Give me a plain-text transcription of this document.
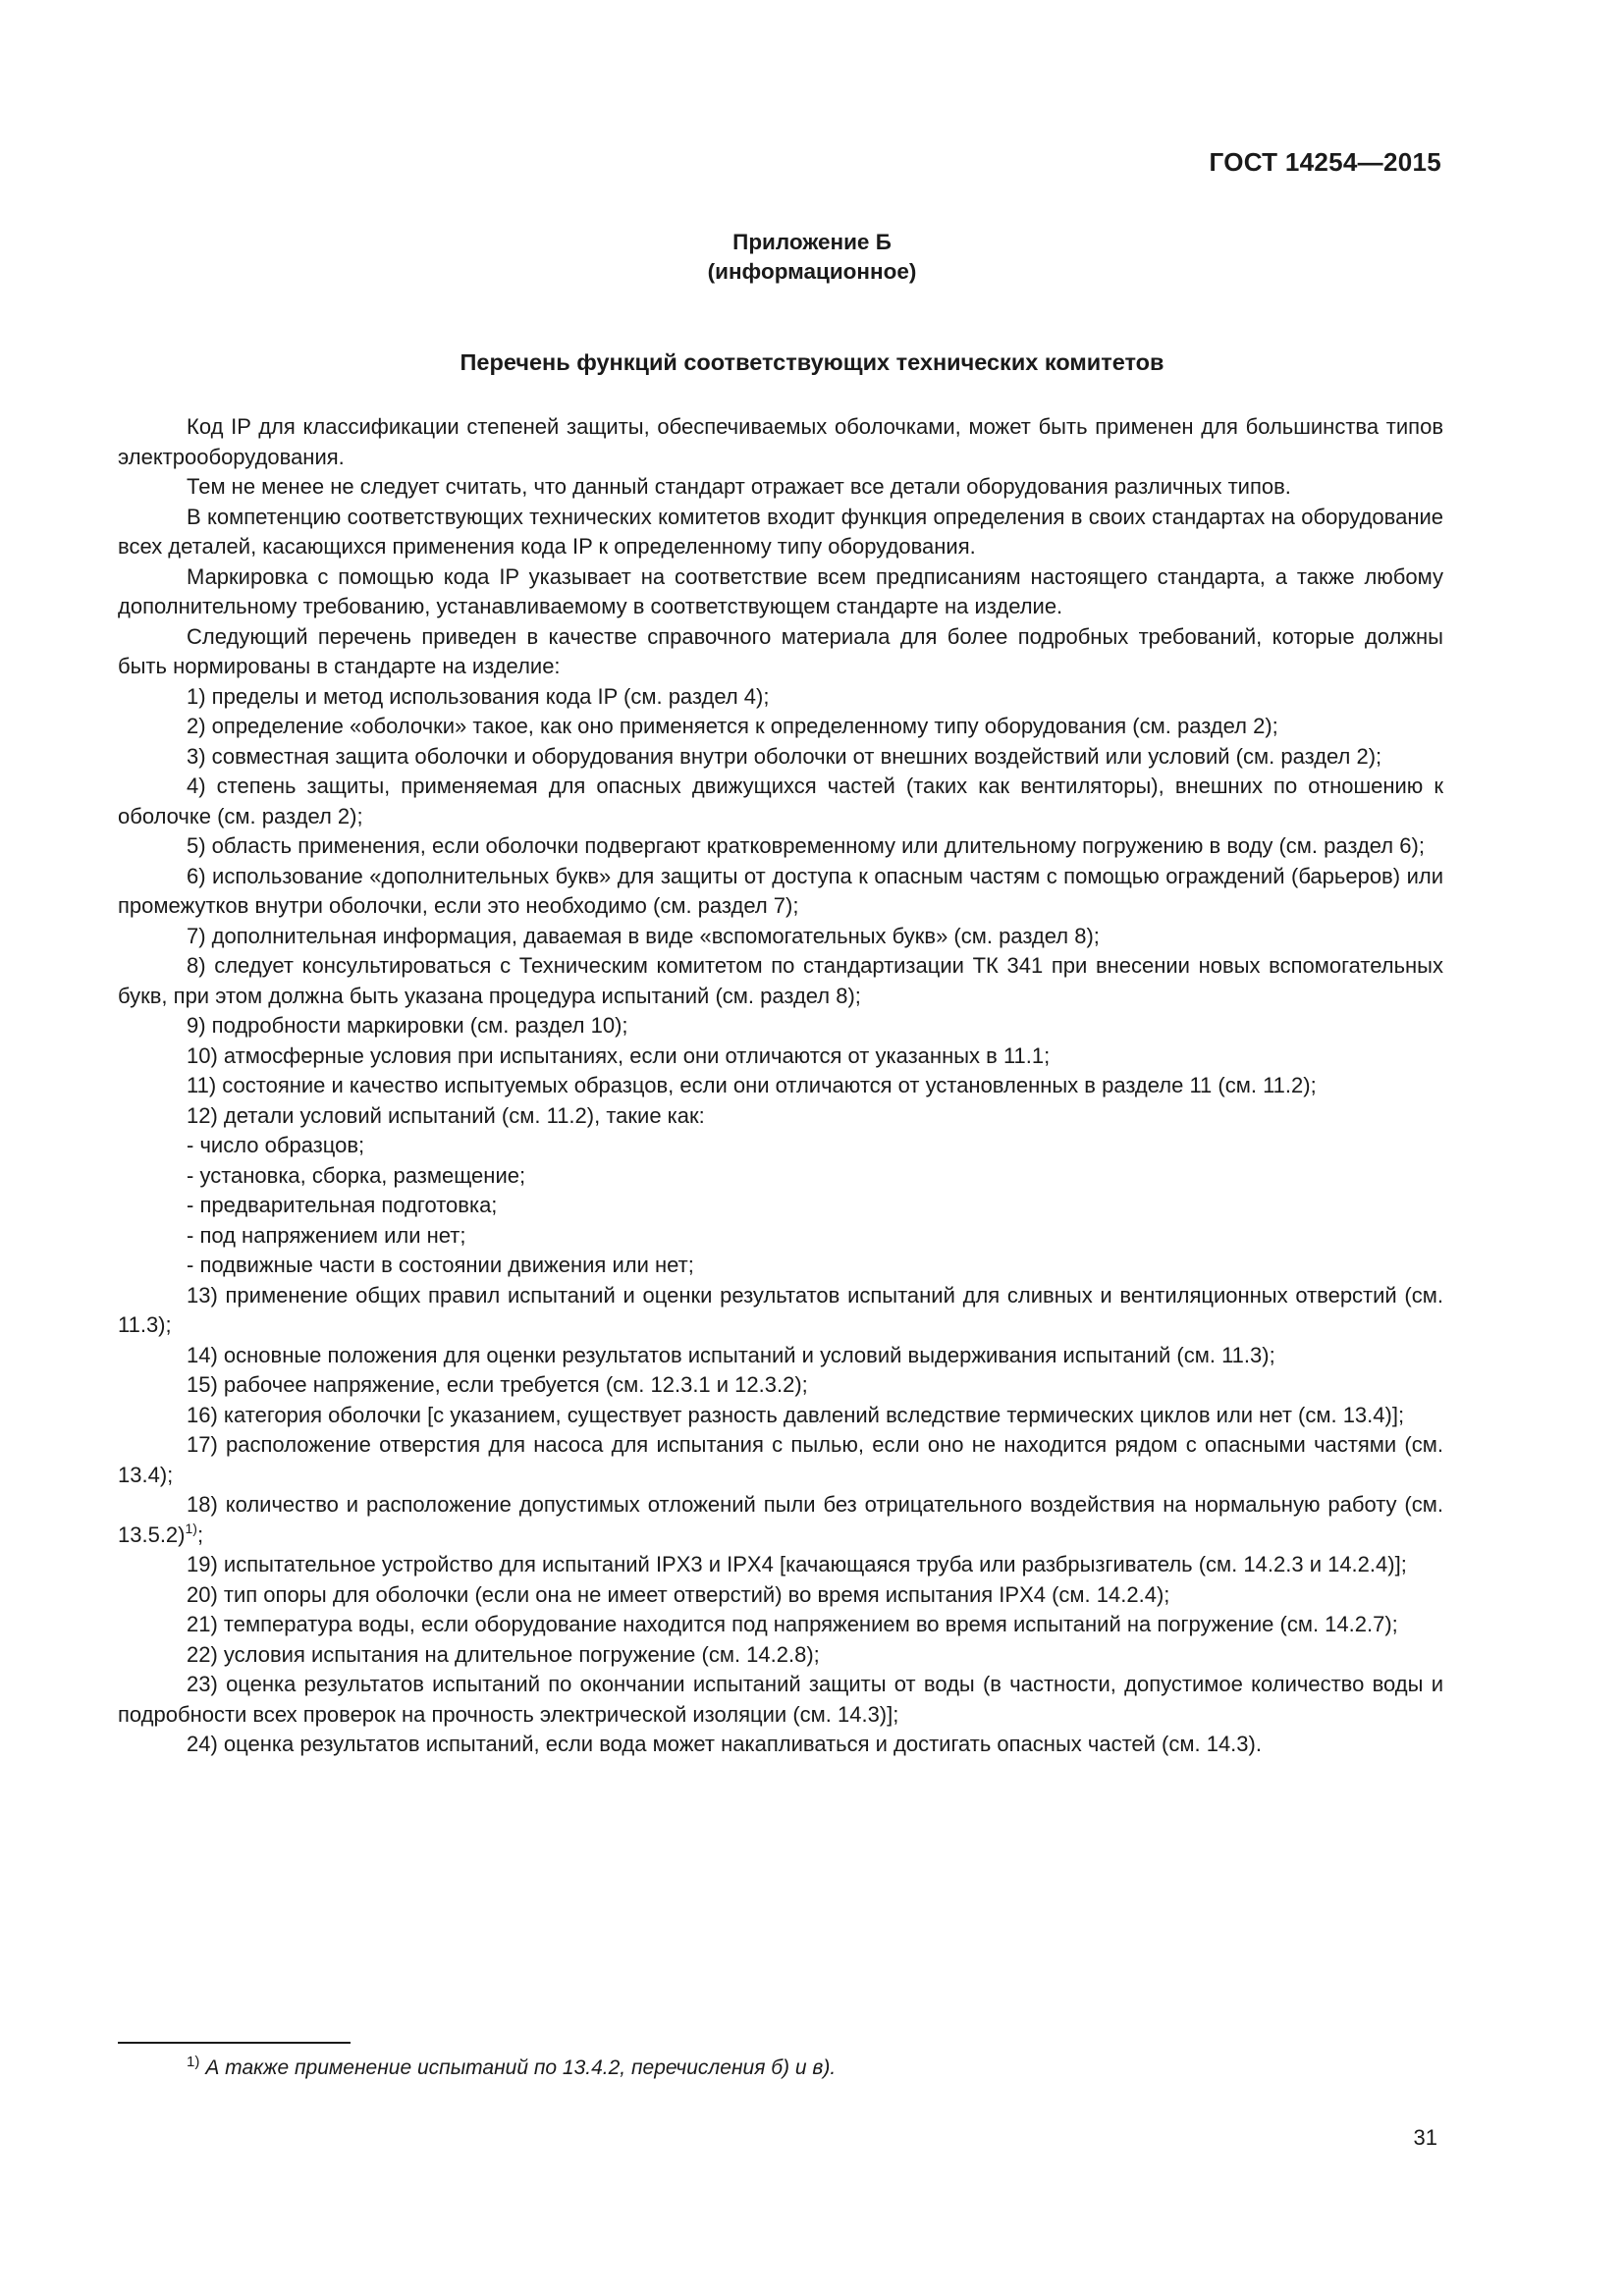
ГОСТ 14254—2015

Приложение Б
(информационное)
Перечень функций соответствующих технических комитетов

Код IP для классификации степеней защиты, обеспечиваемых оболочками, может быть применен для большинства типов электрооборудования.

Тем не менее не следует считать, что данный стандарт отражает все детали оборудования различных типов.

В компетенцию соответствующих технических комитетов входит функция определения в своих стандартах на оборудование всех деталей, касающихся применения кода IP к определенному типу оборудования.

Маркировка с помощью кода IP указывает на соответствие всем предписаниям настоящего стандарта, а также любому дополнительному требованию, устанавливаемому в соответствующем стандарте на изделие.

Следующий перечень приведен в качестве справочного материала для более подробных требований, которые должны быть нормированы в стандарте на изделие:

1) пределы и метод использования кода IP (см. раздел 4);

2) определение «оболочки» такое, как оно применяется к определенному типу оборудования (см. раздел 2);

3) совместная защита оболочки и оборудования внутри оболочки от внешних воздействий или условий (см. раздел 2);

4) степень защиты, применяемая для опасных движущихся частей (таких как вентиляторы), внешних по отношению к оболочке (см. раздел 2);

5) область применения, если оболочки подвергают кратковременному или длительному погружению в воду (см. раздел 6);

6) использование «дополнительных букв» для защиты от доступа к опасным частям с помощью ограждений (барьеров) или промежутков внутри оболочки, если это необходимо (см. раздел 7);

7) дополнительная информация, даваемая в виде «вспомогательных букв» (см. раздел 8);

8) следует консультироваться с Техническим комитетом по стандартизации ТК 341 при внесении новых вспомогательных букв, при этом должна быть указана процедура испытаний (см. раздел 8);

9) подробности маркировки (см. раздел 10);

10) атмосферные условия при испытаниях, если они отличаются от указанных в 11.1;

11) состояние и качество испытуемых образцов, если они отличаются от установленных в разделе 11 (см. 11.2);

12) детали условий испытаний (см. 11.2), такие как:

- число образцов;

- установка, сборка, размещение;

- предварительная подготовка;

- под напряжением или нет;

- подвижные части в состоянии движения или нет;

13) применение общих правил испытаний и оценки результатов испытаний для сливных и вентиляционных отверстий (см. 11.3);

14) основные положения для оценки результатов испытаний и условий выдерживания испытаний (см. 11.3);

15) рабочее напряжение, если требуется (см. 12.3.1 и 12.3.2);

16) категория оболочки [с указанием, существует разность давлений вследствие термических циклов или нет (см. 13.4)];

17) расположение отверстия для насоса для испытания с пылью, если оно не находится рядом с опасными частями (см. 13.4);

18) количество и расположение допустимых отложений пыли без отрицательного воздействия на нормальную работу (см. 13.5.2)$^{1)}$;

19) испытательное устройство для испытаний IPX3 и IPX4 [качающаяся труба или разбрызгиватель (см. 14.2.3 и 14.2.4)];

20) тип опоры для оболочки (если она не имеет отверстий) во время испытания IPX4 (см. 14.2.4);

21) температура воды, если оборудование находится под напряжением во время испытаний на погружение (см. 14.2.7);

22) условия испытания на длительное погружение (см. 14.2.8);

23) оценка результатов испытаний по окончании испытаний защиты от воды (в частности, допустимое количество воды и подробности всех проверок на прочность электрической изоляции (см. 14.3)];

24) оценка результатов испытаний, если вода может накапливаться и достигать опасных частей (см. 14.3).

$^{1)}$ А также применение испытаний по 13.4.2, перечисления б) и в).

31
